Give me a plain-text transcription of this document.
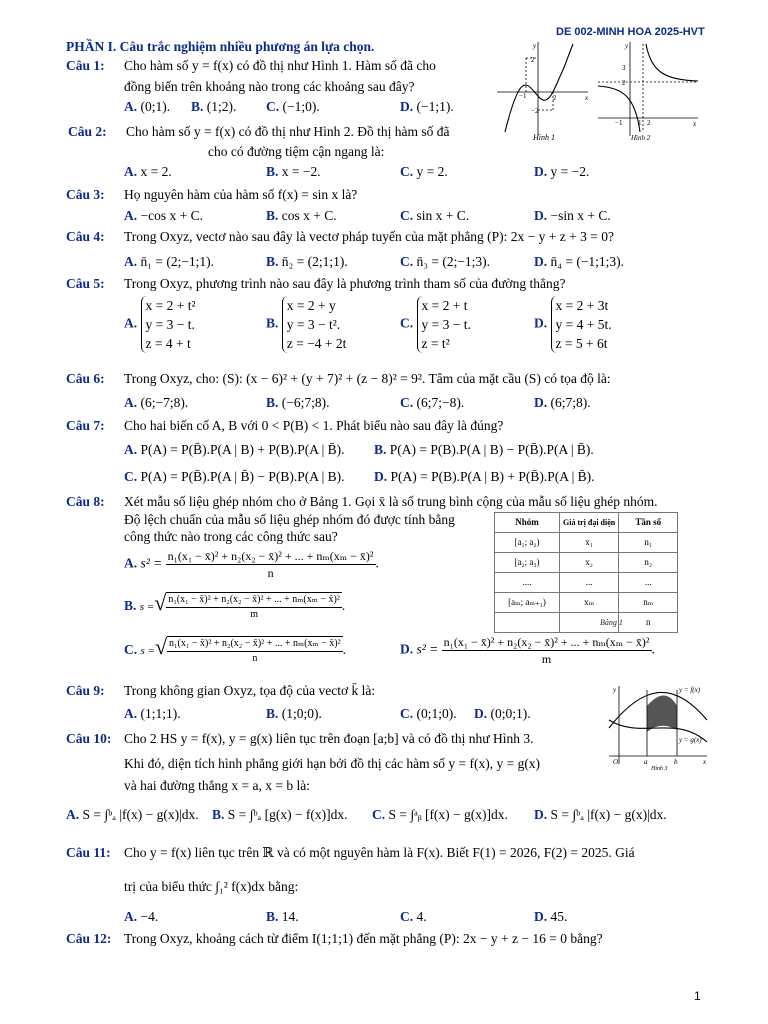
DE 002-MINH HOA 2025-HVT
PHẦN I. Câu trắc nghiệm nhiều phương án lựa chọn.	y
x
2
−1	2
−2
Hình 1
y
x
3
2
−1 1 2
Hình 2
Câu 1: Cho hàm số y = f(x) có đồ thị như Hình 1. Hàm số đã cho
đồng biến trên khoảng nào trong các khoảng sau đây?
A. (0;1). B. (1;2). C. (−1;0).	D. (−1;1).
Câu 2: Cho hàm số y = f(x) có đồ thị như Hình 2. Đồ thị hàm số đã
cho có đường tiệm cận ngang là:
A. x = 2.	B. x = −2.	C. y = 2.	D. y = −2.
Câu 3: Họ nguyên hàm của hàm số f(x) = sin x là?
A. −cos x + C.	B. cos x + C.	C. sin x + C.	D. −sin x + C.
Câu 4: Trong Oxyz, vectơ nào sau đây là vectơ pháp tuyến của mặt phẳng (P): 2x − y + z + 3 = 0?
A. n̄₁ = (2;−1;1).	B. n̄₂ = (2;1;1).	C. n̄₃ = (2;−1;3).	D. n̄₄ = (−1;1;3).
Câu 5: Trong Oxyz, phương trình nào sau đây là phương trình tham số của đường thẳng?
A. x = 2 + t²
y = 3 − t.
z = 4 + t
B. x = 2 + y
y = 3 − t².
z = −4 + 2t
C. x = 2 + t
y = 3 − t.
z = t²
D. x = 2 + 3t
y = 4 + 5t.
z = 5 + 6t
Câu 6: Trong Oxyz, cho: (S): (x − 6)² + (y + 7)² + (z − 8)² = 9². Tâm của mặt cầu (S) có tọa độ là:
A. (6;−7;8).	B. (−6;7;8).	C. (6;7;−8).	D. (6;7;8).
Câu 7: Cho hai biến cố A, B với 0 < P(B) < 1. Phát biểu nào sau đây là đúng?
A. P(A) = P(B̄).P(A | B) + P(B).P(A | B̄). B. P(A) = P(B).P(A | B) − P(B̄).P(A | B̄).
C. P(A) = P(B̄).P(A | B̄) − P(B).P(A | B). D. P(A) = P(B).P(A | B) + P(B̄).P(A | B̄).
Câu 8: Xét mẫu số liệu ghép nhóm cho ở Bảng 1. Gọi x̄ là số trung bình cộng của mẫu số liệu ghép nhóm.
Độ lệch chuẩn của mẫu số liệu ghép nhóm đó được tính bằng
công thức nào trong các công thức sau?
Nhóm	Giá trị đại diện	Tần số
[a₁; a₂)	x₁	n₁
[a₂; a₃)	x₂	n₂
....	...	...
[aₘ; aₘ₊₁)	xₘ	nₘ
		n
Bảng 1
A. $s^2 = \frac{\text{n₁(x₁ − x̄)² + n₂(x₂ − x̄)² + ... + nₘ(xₘ − x̄)²}}{n}$ .
B. s =√ $\frac{\text{n₁(x₁ − x̄)² + n₂(x₂ − x̄)² + ... + nₘ(xₘ − x̄)²}}{m}$ .
C. s =√ $\frac{\text{n₁(x₁ − x̄)² + n₂(x₂ − x̄)² + ... + nₘ(xₘ − x̄)²}}{n}$ .	D. $s^2 = \frac{\text{n₁(x₁ − x̄)² + n₂(x₂ − x̄)² + ... + nₘ(xₘ − x̄)²}}{m}$ .
y	y = f(x)
y = g(x)
O	a	b	x
Hình 3
Câu 9: Trong không gian Oxyz, tọa độ của vectơ k̄ là:
A. (1;1;1).	B. (1;0;0).	C. (0;1;0). D. (0;0;1).
Câu 10: Cho 2 HS y = f(x), y = g(x) liên tục trên đoạn [a;b] và có đồ thị như Hình 3.
Khi đó, diện tích hình phẳng giới hạn bởi đồ thị các hàm số y = f(x), y = g(x)
và hai đường thẳng x = a, x = b là:
A. S = ∫ᵇₐ |f(x) − g(x)|dx. B. S = ∫ᵇₐ [g(x) − f(x)]dx. C. S = ∫ᵃᵦ [f(x) − g(x)]dx. D. S = ∫ᵇₐ |f(x) − g(x)|dx.
Câu 11: Cho y = f(x) liên tục trên ℝ và có một nguyên hàm là F(x). Biết F(1) = 2026, F(2) = 2025. Giá
trị của biểu thức ∫₁² f(x)dx bằng:
A. −4.	B. 14.	C. 4.	D. 45.
Câu 12: Trong Oxyz, khoảng cách từ điểm I(1;1;1) đến mặt phẳng (P): 2x − y + z − 16 = 0 bằng?
1
